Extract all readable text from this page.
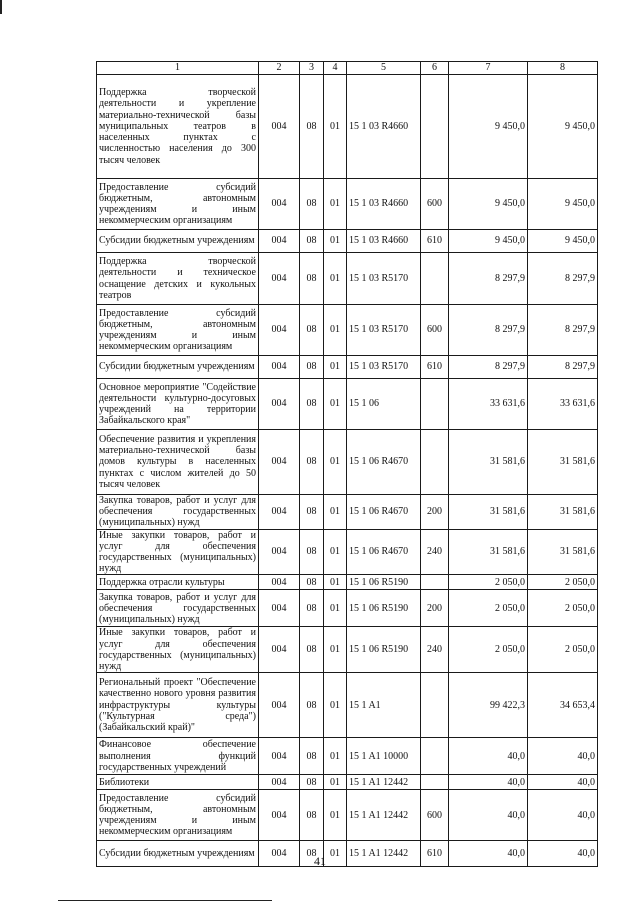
1	2	3	4	5	6	7	8
Поддержка творческой деятельности и укрепление материально-технической базы муниципальных театров в населенных пунктах с численностью населения до 300 тысяч человек	004	08	01	15 1 03 R4660		9 450,0	9 450,0
Предоставление субсидий бюджетным, автономным учреждениям и иным некоммерческим организациям	004	08	01	15 1 03 R4660	600	9 450,0	9 450,0
Субсидии бюджетным учреждениям	004	08	01	15 1 03 R4660	610	9 450,0	9 450,0
Поддержка творческой деятельности и техническое оснащение детских и кукольных театров	004	08	01	15 1 03 R5170		8 297,9	8 297,9
Предоставление субсидий бюджетным, автономным учреждениям и иным некоммерческим организациям	004	08	01	15 1 03 R5170	600	8 297,9	8 297,9
Субсидии бюджетным учреждениям	004	08	01	15 1 03 R5170	610	8 297,9	8 297,9
Основное мероприятие "Содействие деятельности культурно-досуговых учреждений на территории Забайкальского края"	004	08	01	15 1 06		33 631,6	33 631,6
Обеспечение развития и укрепления материально-технической базы домов культуры в населенных пунктах с числом жителей до 50 тысяч человек	004	08	01	15 1 06 R4670		31 581,6	31 581,6
Закупка товаров, работ и услуг для обеспечения государственных (муниципальных) нужд	004	08	01	15 1 06 R4670	200	31 581,6	31 581,6
Иные закупки товаров, работ и услуг для обеспечения государственных (муниципальных) нужд	004	08	01	15 1 06 R4670	240	31 581,6	31 581,6
Поддержка отрасли культуры	004	08	01	15 1 06 R5190		2 050,0	2 050,0
Закупка товаров, работ и услуг для обеспечения государственных (муниципальных) нужд	004	08	01	15 1 06 R5190	200	2 050,0	2 050,0
Иные закупки товаров, работ и услуг для обеспечения государственных (муниципальных) нужд	004	08	01	15 1 06 R5190	240	2 050,0	2 050,0
Региональный проект "Обеспечение качественно нового уровня развития инфраструктуры культуры ("Культурная среда") (Забайкальский край)"	004	08	01	15 1 A1		99 422,3	34 653,4
Финансовое обеспечение выполнения функций государственных учреждений	004	08	01	15 1 A1 10000		40,0	40,0
Библиотеки	004	08	01	15 1 A1 12442		40,0	40,0
Предоставление субсидий бюджетным, автономным учреждениям и иным некоммерческим организациям	004	08	01	15 1 A1 12442	600	40,0	40,0
Субсидии бюджетным учреждениям	004	08	01	15 1 A1 12442	610	40,0	40,0
41
